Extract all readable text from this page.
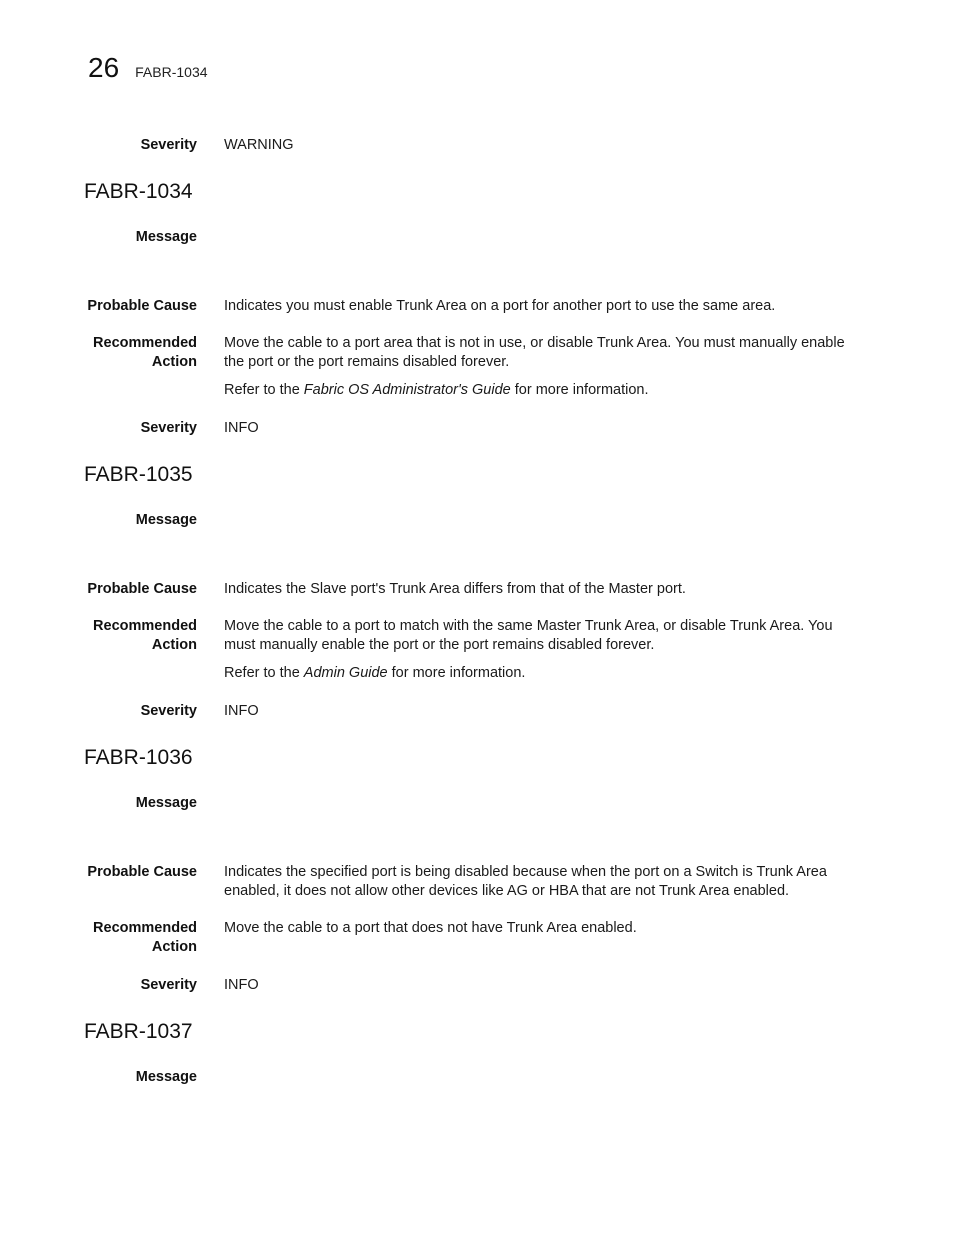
26 FABR-1034
Severity WARNING
FABR-1034
Message
Probable Cause Indicates you must enable Trunk Area on a port for another port to use the same area.
Recommended
Action

Move the cable to a port area that is not in use, or disable Trunk Area. You must manually enable the port or the port remains disabled forever.

Refer to the Fabric OS Administrator's Guide for more information.

Severity INFO
FABR-1035
Message
Probable Cause Indicates the Slave port's Trunk Area differs from that of the Master port.
Recommended
Action

Move the cable to a port to match with the same Master Trunk Area, or disable Trunk Area. You must manually enable the port or the port remains disabled forever.

Refer to the Admin Guide for more information.

Severity INFO
FABR-1036
Message
Probable Cause Indicates the specified port is being disabled because when the port on a Switch is Trunk Area enabled, it does not allow other devices like AG or HBA that are not Trunk Area enabled.
Recommended
Action

Move the cable to a port that does not have Trunk Area enabled.

Severity INFO
FABR-1037
Message
